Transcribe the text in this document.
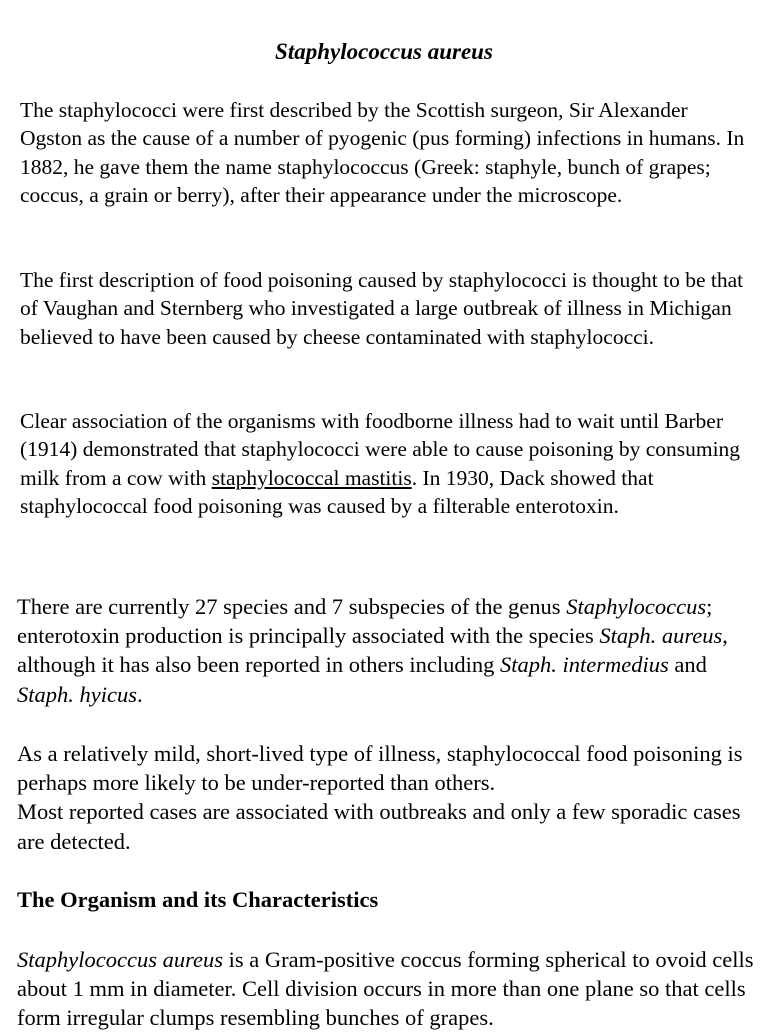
Staphylococcus aureus

The staphylococci were first described by the Scottish surgeon, Sir Alexander Ogston as the cause of a number of pyogenic (pus forming) infections in humans. In 1882, he gave them the name staphylococcus (Greek: staphyle, bunch of grapes; coccus, a grain or berry), after their appearance under the microscope.

The first description of food poisoning caused by staphylococci is thought to be that of Vaughan and Sternberg who investigated a large outbreak of illness in Michigan believed to have been caused by cheese contaminated with staphylococci.

Clear association of the organisms with foodborne illness had to wait until Barber (1914) demonstrated that staphylococci were able to cause poisoning by consuming milk from a cow with staphylococcal mastitis. In 1930, Dack showed that staphylococcal food poisoning was caused by a filterable enterotoxin.

There are currently 27 species and 7 subspecies of the genus Staphylococcus; enterotoxin production is principally associated with the species Staph. aureus, although it has also been reported in others including Staph. intermedius and Staph. hyicus.

As a relatively mild, short-lived type of illness, staphylococcal food poisoning is perhaps more likely to be under-reported than others.
Most reported cases are associated with outbreaks and only a few sporadic cases are detected.

The Organism and its Characteristics

Staphylococcus aureus is a Gram-positive coccus forming spherical to ovoid cells about 1 mm in diameter. Cell division occurs in more than one plane so that cells form irregular clumps resembling bunches of grapes.
